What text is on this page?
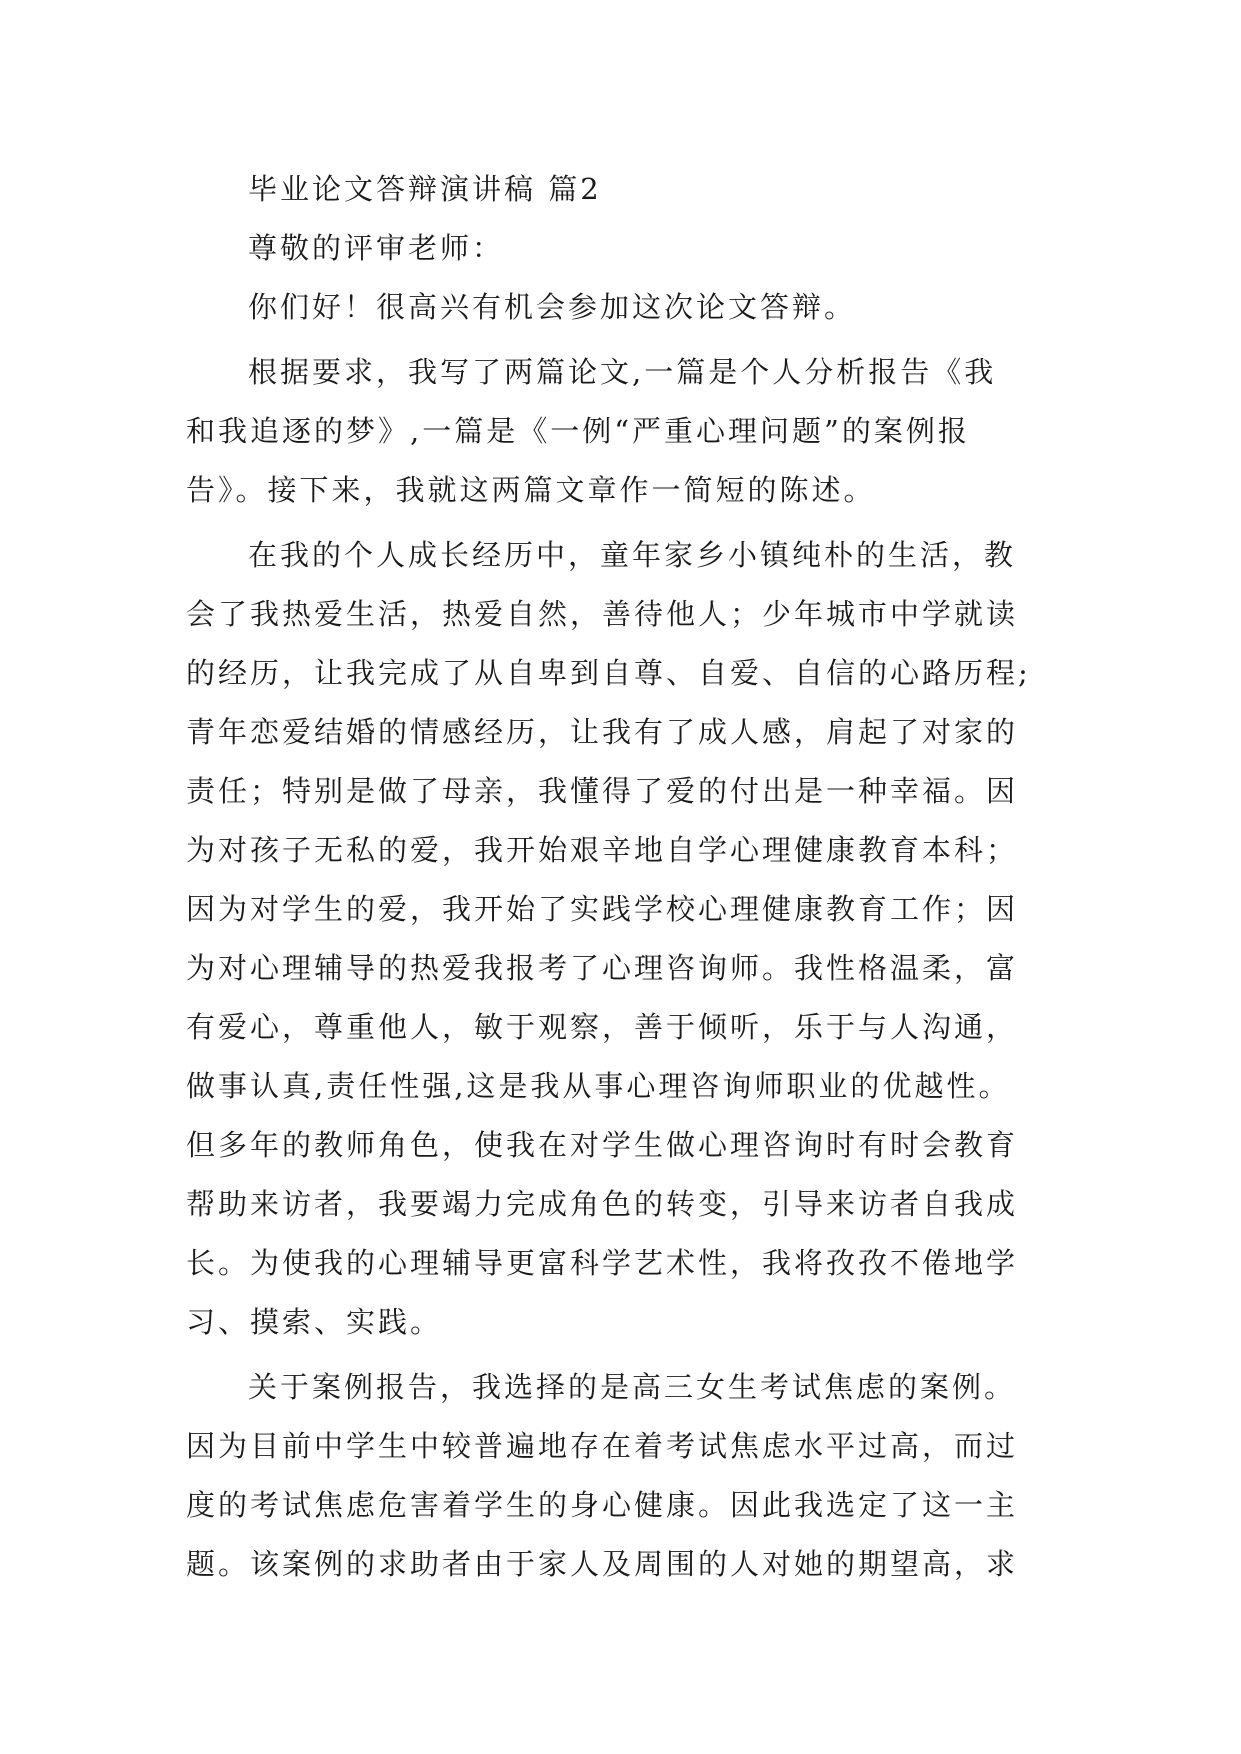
毕业论文答辩演讲稿 篇2

尊敬的评审老师：

你们好！很高兴有机会参加这次论文答辩。

根据要求，我写了两篇论文,一篇是个人分析报告《我
和我追逐的梦》,一篇是《一例“严重心理问题”的案例报
告》。接下来，我就这两篇文章作一简短的陈述。
在我的个人成长经历中，童年家乡小镇纯朴的生活，教
会了我热爱生活，热爱自然，善待他人；少年城市中学就读
的经历，让我完成了从自卑到自尊、自爱、自信的心路历程;
青年恋爱结婚的情感经历，让我有了成人感，肩起了对家的
责任；特别是做了母亲，我懂得了爱的付出是一种幸福。因
为对孩子无私的爱，我开始艰辛地自学心理健康教育本科；
因为对学生的爱，我开始了实践学校心理健康教育工作；因
为对心理辅导的热爱我报考了心理咨询师。我性格温柔，富
有爱心，尊重他人，敏于观察，善于倾听，乐于与人沟通，
做事认真,责任性强,这是我从事心理咨询师职业的优越性。
但多年的教师角色，使我在对学生做心理咨询时有时会教育
帮助来访者，我要竭力完成角色的转变，引导来访者自我成
长。为使我的心理辅导更富科学艺术性，我将孜孜不倦地学
习、摸索、实践。
关于案例报告，我选择的是高三女生考试焦虑的案例。
因为目前中学生中较普遍地存在着考试焦虑水平过高，而过
度的考试焦虑危害着学生的身心健康。因此我选定了这一主
题。该案例的求助者由于家人及周围的人对她的期望高，求
